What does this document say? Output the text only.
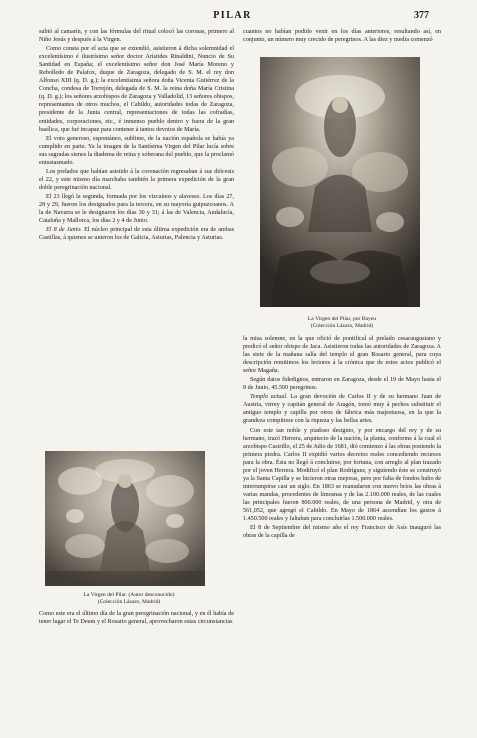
PILAR	377

subió al camarín, y con las fórmulas del ritual colocó las coronas, primero al Niño Jesús y después á la Virgen.

Como consta por el acta que se extendió, asistieron á dicha solemnidad el excelentísimo é ilustrísimo señor doctor Arístides Rinaldini, Nuncio de Su Santidad en España; el excelentísimo señor don José María Moreno y Rebolledo de Palafox, duque de Zaragoza, delegado de S. M. el rey don Alfonso XIII (q. D. g.); la excelentísima señora doña Vicenta Gutiérrez de la Concha, condesa de Torrejón, delegada de S. M. la reina doña María Cristina (q. D. g.); los señores arzobispos de Zaragoza y Valladolid, 13 señores obispos, representantes de otros muchos, el Cabildo, autoridades todas de Zaragoza, presidente de la Junta central, representaciones de todas las cofradías, entidades, corporaciones, etc., é inmenso pueblo dentro y fuera de la gran basílica, que fué incapaz para contener á tantos devotos de María.

El voto generoso, espontáneo, sublime, de la nación española se había ya cumplido en parte. Ya la imagen de la Santísima Virgen del Pilar lucía sobre sus sagradas sienes la diadema de reina y soberana del pueblo, que la proclamó entusiasmado.

Los prelados que habían asistido á la coronación regresaban á sus diócesis el 22, y este mismo día marchaba también la primera expedición de la gran doble peregrinación nacional.

El 23 llegó la segunda, formada por los vizcaínos y alaveses. Los días 27, 28 y 29, fueron los designados para la tercera, en su mayoría guipuzcoanos. A la de Navarra se le designaron los días 30 y 31; á las de Valencia, Andalucía, Cataluña y Mallorca, los días 2 y 4 de Junio.

El 8 de Junio. El núcleo principal de esta última expedición era de ambas Castillas, á quienes se unieron los de Galicia, Asturias, Palencia y Asturias.

La Virgen del Pilar. (Autor desconocido)
(Colección Lázaro, Madrid)

Como este era el último día de la gran peregrinación nacional, y en él había de tener lugar el Te Deum y el Rosario general, aprovecharon estas circunstancias

cuantos no habían podido venir en los días anteriores, resultando así, en conjunto, un número muy crecido de peregrinos. A las diez y media comenzó

La Virgen del Pilar, por Bayeu
(Colección Lázaro, Madrid)

la misa solemne, en la que ofició de pontifical el prelado cesaraugustano y predicó el señor obispo de Jaca. Asistieron todas las autoridades de Zaragoza. A las siete de la mañana salía del templo el gran Rosario general, para cuya descripción remitimos los lectores á la crónica que de estos actos publicó el señor Magaña.

Según datos fidedignos, entraron en Zaragoza, desde el 19 de Mayo hasta el 8 de Junio, 45.500 peregrinos.

Templo actual. La gran devoción de Carlos II y de su hermano Juan de Austria, virrey y capitán general de Aragón, tomó muy á pechos substituir el antiguo templo y capilla por otros de fábrica más majestuosa, en la que la grandeza compitiese con la riqueza y las bellas artes.

Con este tan noble y piadoso designio, y por encargo del rey y de su hermano, trazó Herrera, arquitecto de la nación, la planta, conforme á la cual el arzobispo Castrillo, el 25 de Julio de 1681, dió comienzo á las obras poniendo la primera piedra. Carlos II expidió varios decretos reales concediendo recursos para la obra. Ésta no llegó á concluirse, por fortuna, con arreglo al plan trazado por el joven Herrera. Modificó el plan Rodríguez, y siguiendo éste se construyó ya la Santa Capilla y se hicieron otras mejoras, pero por falta de fondos hubo de interrumpirse casi un siglo. En 1863 se reanudaron con nuevo bríos las obras á varias mandas, procedentes de limosnas y de las 2.100.000 reales, de las cuales las principales fueron 800.000 reales, de una persona de Madrid, y otra de 561,052, que agregó el Cabildo. En Mayo de 1864 ascendían los gastos á 1.450.500 reales y faltaban para concluirlas 1.500.000 reales.

El 8 de Septiembre del mismo año el rey Francisco de Asís inauguró las obras de la capilla de
